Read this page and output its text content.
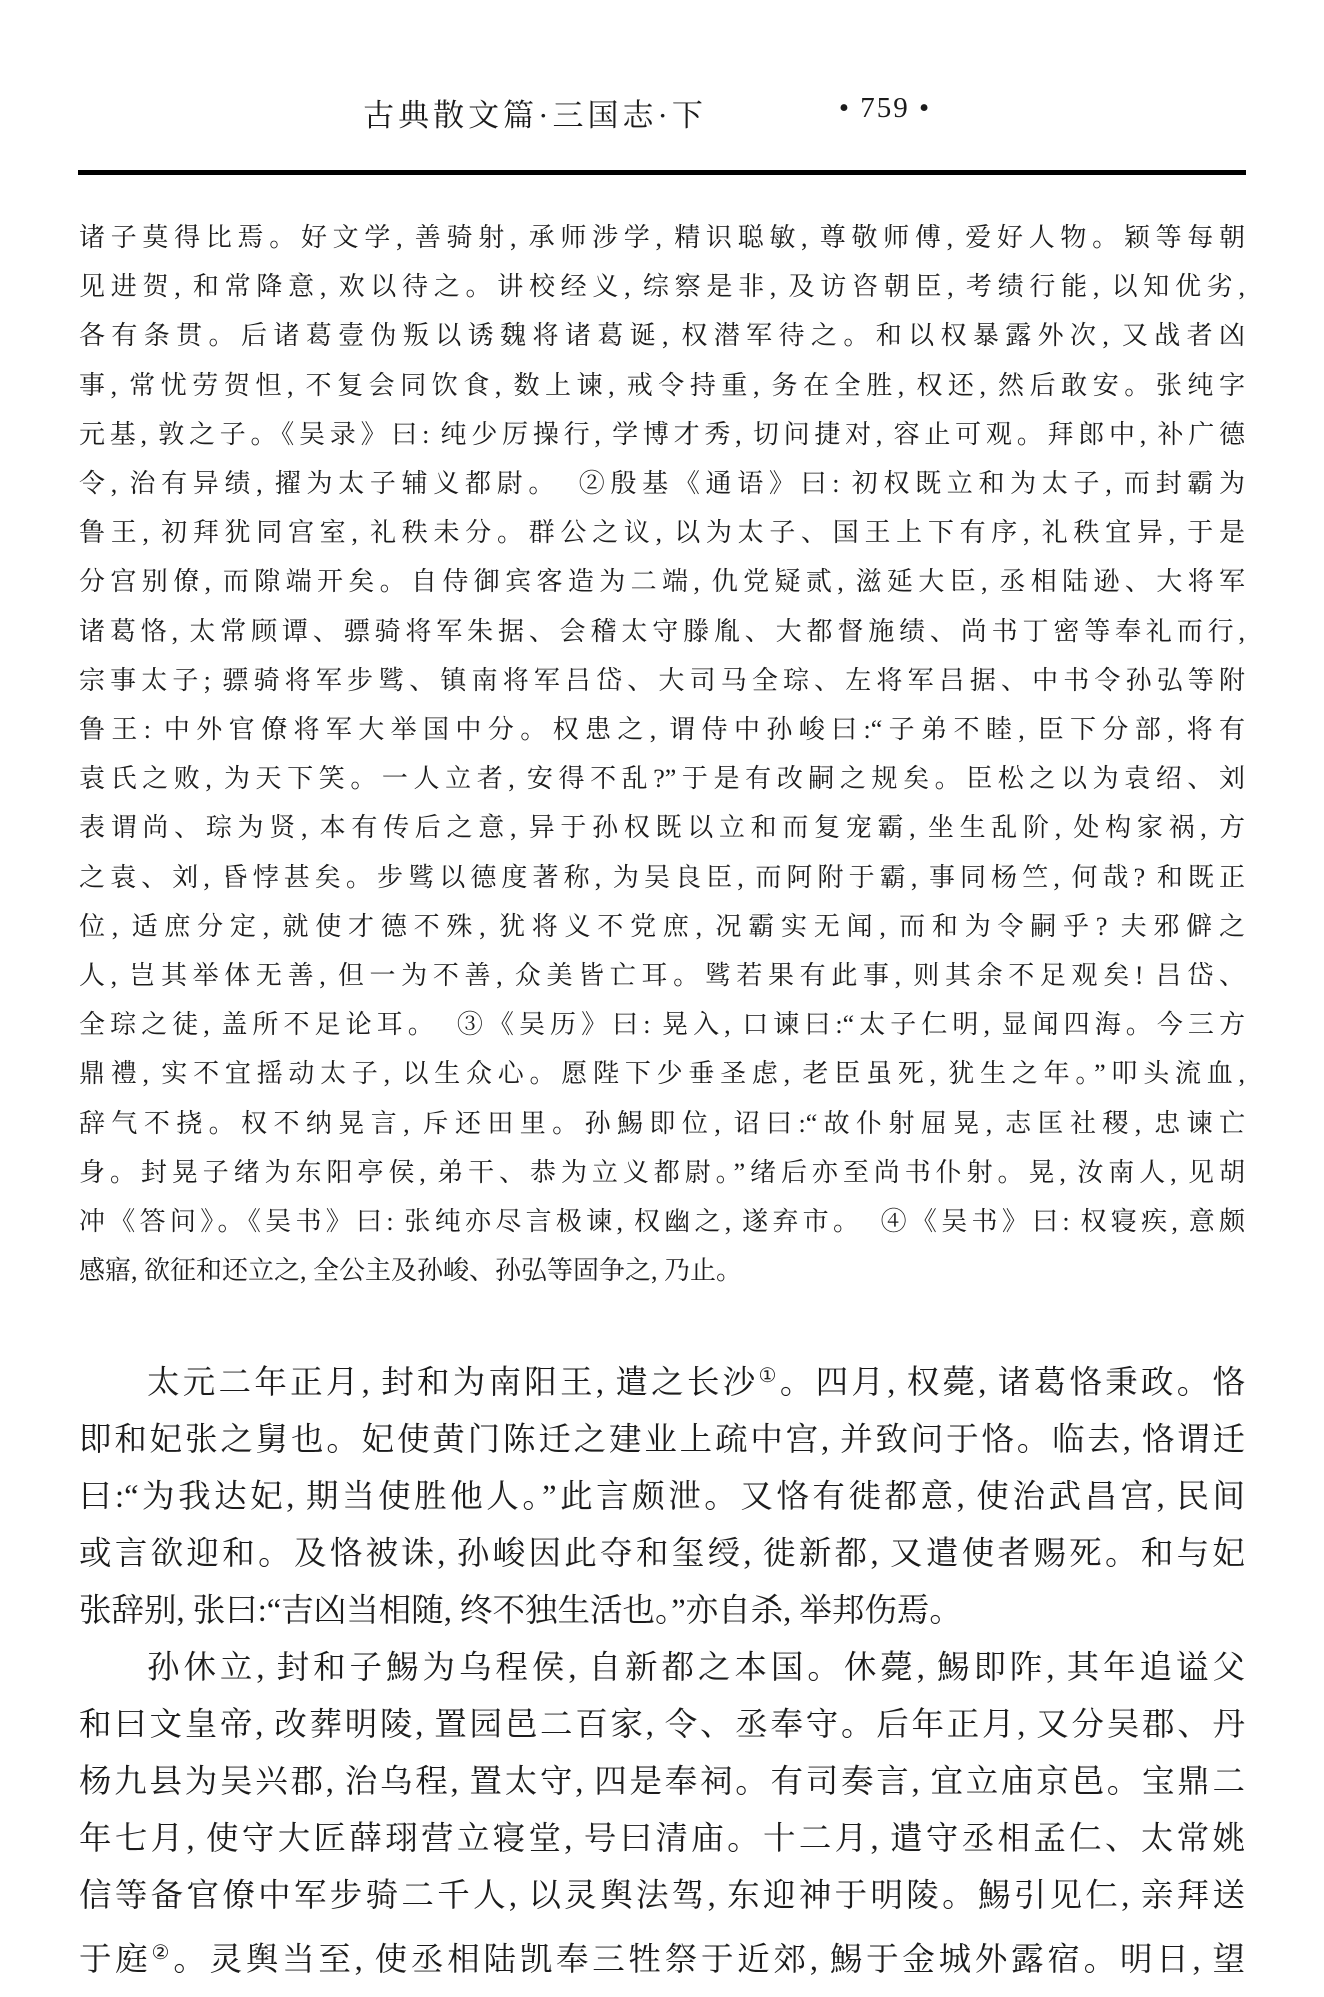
古典散文篇·三国志·下	• 759 •
诸子莫得比焉。好文学, 善骑射, 承师涉学, 精识聪敏, 尊敬师傅, 爱好人物。颖等每朝
见进贺, 和常降意, 欢以待之。讲校经义, 综察是非, 及访咨朝臣, 考绩行能, 以知优劣,
各有条贯。后诸葛壹伪叛以诱魏将诸葛诞, 权潜军待之。和以权暴露外次, 又战者凶
事, 常忧劳贺怛, 不复会同饮食, 数上谏, 戒令持重, 务在全胜, 权还, 然后敢安。张纯字
元基, 敦之子。《吴录》曰: 纯少厉操行, 学博才秀, 切问捷对, 容止可观。拜郎中, 补广德
令, 治有异绩, 擢为太子辅义都尉。　②殷基《通语》曰: 初权既立和为太子, 而封霸为
鲁王, 初拜犹同宫室, 礼秩未分。群公之议, 以为太子、国王上下有序, 礼秩宜异, 于是
分宫别僚, 而隙端开矣。自侍御宾客造为二端, 仇党疑贰, 滋延大臣, 丞相陆逊、大将军
诸葛恪, 太常顾谭、骠骑将军朱据、会稽太守滕胤、大都督施绩、尚书丁密等奉礼而行,
宗事太子; 骠骑将军步骘、镇南将军吕岱、大司马全琮、左将军吕据、中书令孙弘等附
鲁王: 中外官僚将军大举国中分。权患之, 谓侍中孙峻曰:“子弟不睦, 臣下分部, 将有
袁氏之败, 为天下笑。一人立者, 安得不乱?”于是有改嗣之规矣。臣松之以为袁绍、刘
表谓尚、琮为贤, 本有传后之意, 异于孙权既以立和而复宠霸, 坐生乱阶, 处构家祸, 方
之袁、刘, 昏悖甚矣。步骘以德度著称, 为吴良臣, 而阿附于霸, 事同杨竺, 何哉? 和既正
位, 适庶分定, 就使才德不殊, 犹将义不党庶, 况霸实无闻, 而和为令嗣乎? 夫邪僻之
人, 岂其举体无善, 但一为不善, 众美皆亡耳。骘若果有此事, 则其余不足观矣! 吕岱、
全琮之徒, 盖所不足论耳。　③《吴历》曰: 晃入, 口谏曰:“太子仁明, 显闻四海。今三方
鼎禮, 实不宜摇动太子, 以生众心。愿陛下少垂圣虑, 老臣虽死, 犹生之年。”叩头流血,
辞气不挠。权不纳晃言, 斥还田里。孙鯣即位, 诏曰:“故仆射屈晃, 志匡社稷, 忠谏亡
身。封晃子绪为东阳亭侯, 弟干、恭为立义都尉。”绪后亦至尚书仆射。晃, 汝南人, 见胡
冲《答问》。《吴书》曰: 张纯亦尽言极谏, 权幽之, 遂弃市。　④《吴书》曰: 权寝疾, 意颇
感寤, 欲征和还立之, 全公主及孙峻、孙弘等固争之, 乃止。
太元二年正月, 封和为南阳王, 遣之长沙①。四月, 权薨, 诸葛恪秉政。恪
即和妃张之舅也。妃使黄门陈迁之建业上疏中宫, 并致问于恪。临去, 恪谓迁
曰:“为我达妃, 期当使胜他人。”此言颇泄。又恪有徙都意, 使治武昌宫, 民间
或言欲迎和。及恪被诛, 孙峻因此夺和玺绶, 徙新都, 又遣使者赐死。和与妃
张辞别, 张曰:“吉凶当相随, 终不独生活也。”亦自杀, 举邦伤焉。
孙休立, 封和子鯣为乌程侯, 自新都之本国。休薨, 鯣即阼, 其年追谥父
和曰文皇帝, 改葬明陵, 置园邑二百家, 令、丞奉守。后年正月, 又分吴郡、丹
杨九县为吴兴郡, 治乌程, 置太守, 四是奉祠。有司奏言, 宜立庙京邑。宝鼎二
年七月, 使守大匠薛珝营立寝堂, 号曰清庙。十二月, 遣守丞相孟仁、太常姚
信等备官僚中军步骑二千人, 以灵舆法驾, 东迎神于明陵。鯣引见仁, 亲拜送
于庭②。灵舆当至, 使丞相陆凯奉三牲祭于近郊, 鯣于金城外露宿。明日, 望
